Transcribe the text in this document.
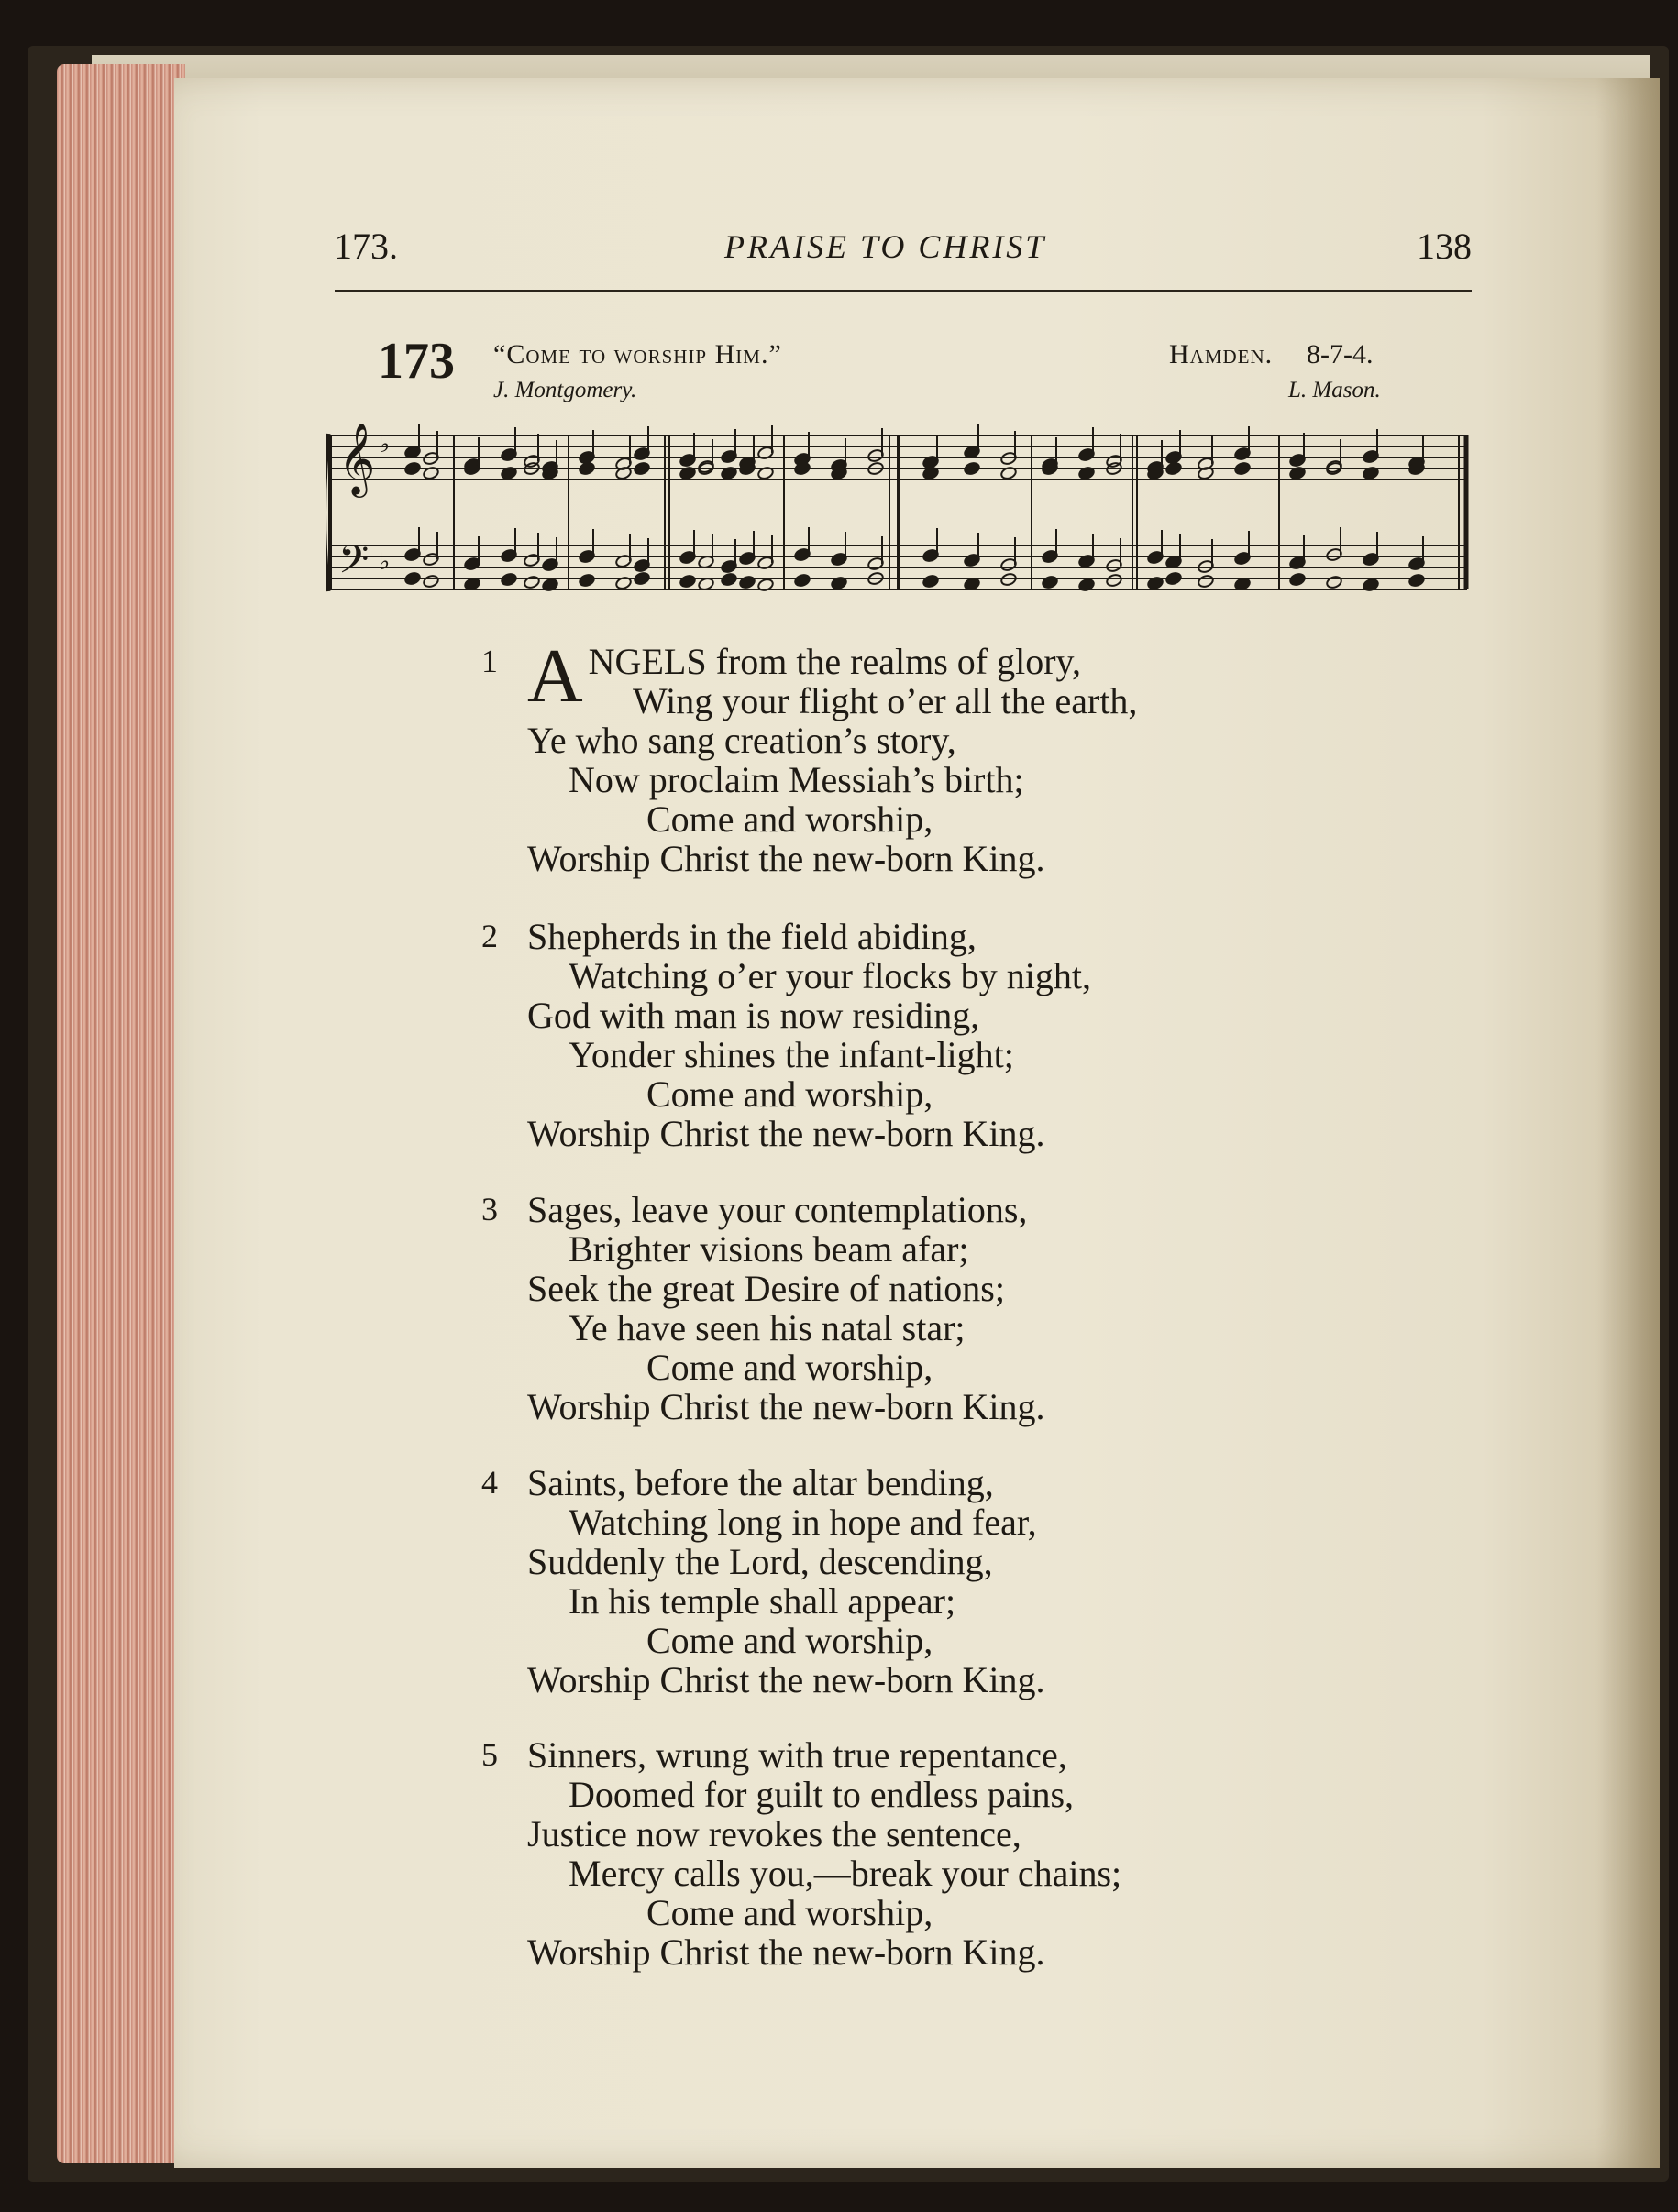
173.	PRAISE TO CHRIST	138
173 “Come to worship Him.”	Hamden. 8-7-4.
J. Montgomery.	L. Mason.
𝄞
𝄢
♭
♭
1 ANGELS from the realms of glory,
Wing your flight o’er all the earth,
Ye who sang creation’s story,
Now proclaim Messiah’s birth;
Come and worship,
Worship Christ the new-born King.
2 Shepherds in the field abiding,
Watching o’er your flocks by night,
God with man is now residing,
Yonder shines the infant-light;
Come and worship,
Worship Christ the new-born King.
3 Sages, leave your contemplations,
Brighter visions beam afar;
Seek the great Desire of nations;
Ye have seen his natal star;
Come and worship,
Worship Christ the new-born King.
4 Saints, before the altar bending,
Watching long in hope and fear,
Suddenly the Lord, descending,
In his temple shall appear;
Come and worship,
Worship Christ the new-born King.
5 Sinners, wrung with true repentance,
Doomed for guilt to endless pains,
Justice now revokes the sentence,
Mercy calls you,—break your chains;
Come and worship,
Worship Christ the new-born King.
